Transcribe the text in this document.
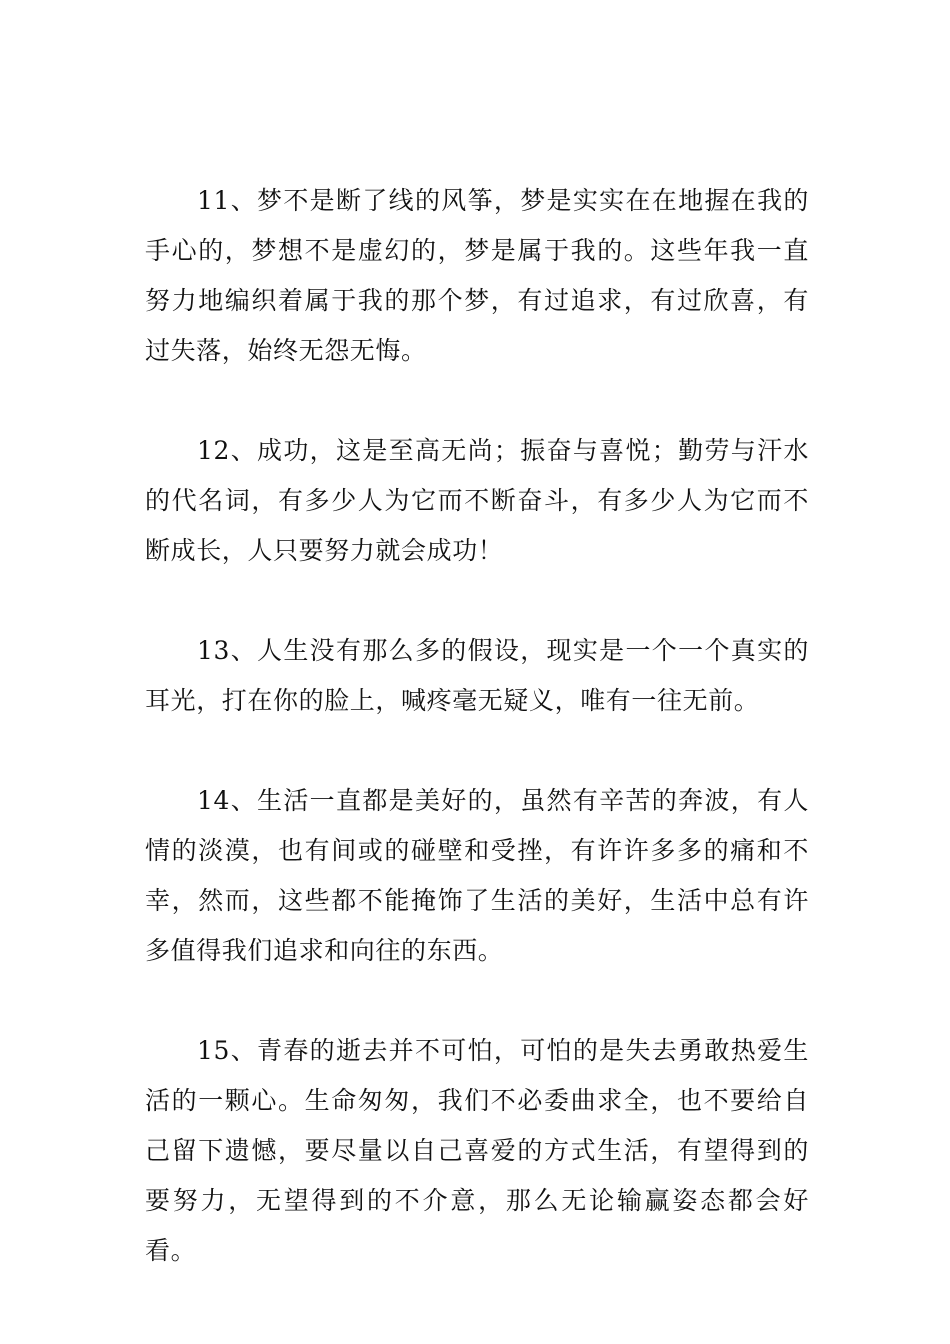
11、梦不是断了线的风筝，梦是实实在在地握在我的手心的，梦想不是虚幻的，梦是属于我的。这些年我一直努力地编织着属于我的那个梦，有过追求，有过欣喜，有过失落，始终无怨无悔。

12、成功，这是至高无尚；振奋与喜悦；勤劳与汗水的代名词，有多少人为它而不断奋斗，有多少人为它而不断成长，人只要努力就会成功！

13、人生没有那么多的假设，现实是一个一个真实的耳光，打在你的脸上，喊疼毫无疑义，唯有一往无前。

14、生活一直都是美好的，虽然有辛苦的奔波，有人情的淡漠，也有间或的碰壁和受挫，有许许多多的痛和不幸，然而，这些都不能掩饰了生活的美好，生活中总有许多值得我们追求和向往的东西。

15、青春的逝去并不可怕，可怕的是失去勇敢热爱生活的一颗心。生命匆匆，我们不必委曲求全，也不要给自己留下遗憾，要尽量以自己喜爱的方式生活，有望得到的要努力，无望得到的不介意，那么无论输赢姿态都会好看。
